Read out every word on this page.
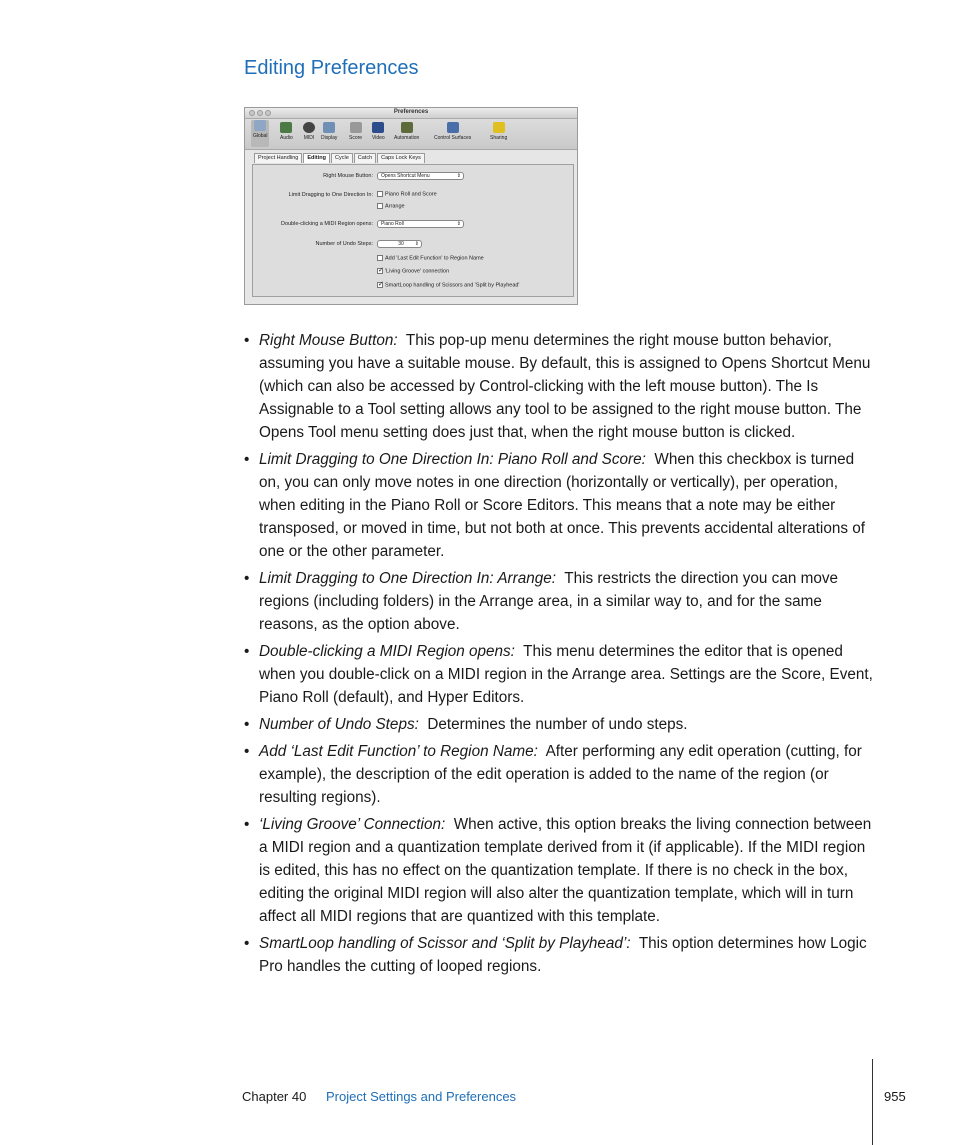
Editing Preferences
Preferences
Global	Audio MIDI Display Score Video Automation	Control Surfaces	Sharing
Project Handling	Editing	Cycle	Catch	Caps Lock Keys
Right Mouse Button:	Opens Shortcut Menu	⇕
Limit Dragging to One Direction In:	Piano Roll and Score
Arrange
Double-clicking a MIDI Region opens:	Piano Roll	⇕
Number of Undo Steps:	30 ⇕
Add 'Last Edit Function' to Region Name
✓'Living Groove' connection
✓SmartLoop handling of Scissors and 'Split by Playhead'
• Right Mouse Button: This pop-up menu determines the right mouse button behavior, assuming you have a suitable mouse. By default, this is assigned to Opens Shortcut Menu (which can also be accessed by Control-clicking with the left mouse button). The Is Assignable to a Tool setting allows any tool to be assigned to the right mouse button. The Opens Tool menu setting does just that, when the right mouse button is clicked.
• Limit Dragging to One Direction In: Piano Roll and Score: When this checkbox is turned on, you can only move notes in one direction (horizontally or vertically), per operation, when editing in the Piano Roll or Score Editors. This means that a note may be either transposed, or moved in time, but not both at once. This prevents accidental alterations of one or the other parameter.
• Limit Dragging to One Direction In: Arrange: This restricts the direction you can move regions (including folders) in the Arrange area, in a similar way to, and for the same reasons, as the option above.
• Double-clicking a MIDI Region opens: This menu determines the editor that is opened when you double-click on a MIDI region in the Arrange area. Settings are the Score, Event, Piano Roll (default), and Hyper Editors.
• Number of Undo Steps: Determines the number of undo steps.
• Add ‘Last Edit Function’ to Region Name: After performing any edit operation (cutting, for example), the description of the edit operation is added to the name of the region (or resulting regions).
• ‘Living Groove’ Connection: When active, this option breaks the living connection between a MIDI region and a quantization template derived from it (if applicable). If the MIDI region is edited, this has no effect on the quantization template. If there is no check in the box, editing the original MIDI region will also alter the quantization template, which will in turn affect all MIDI regions that are quantized with this template.
• SmartLoop handling of Scissor and ‘Split by Playhead’: This option determines how Logic Pro handles the cutting of looped regions.
Chapter 40 Project Settings and Preferences	955
